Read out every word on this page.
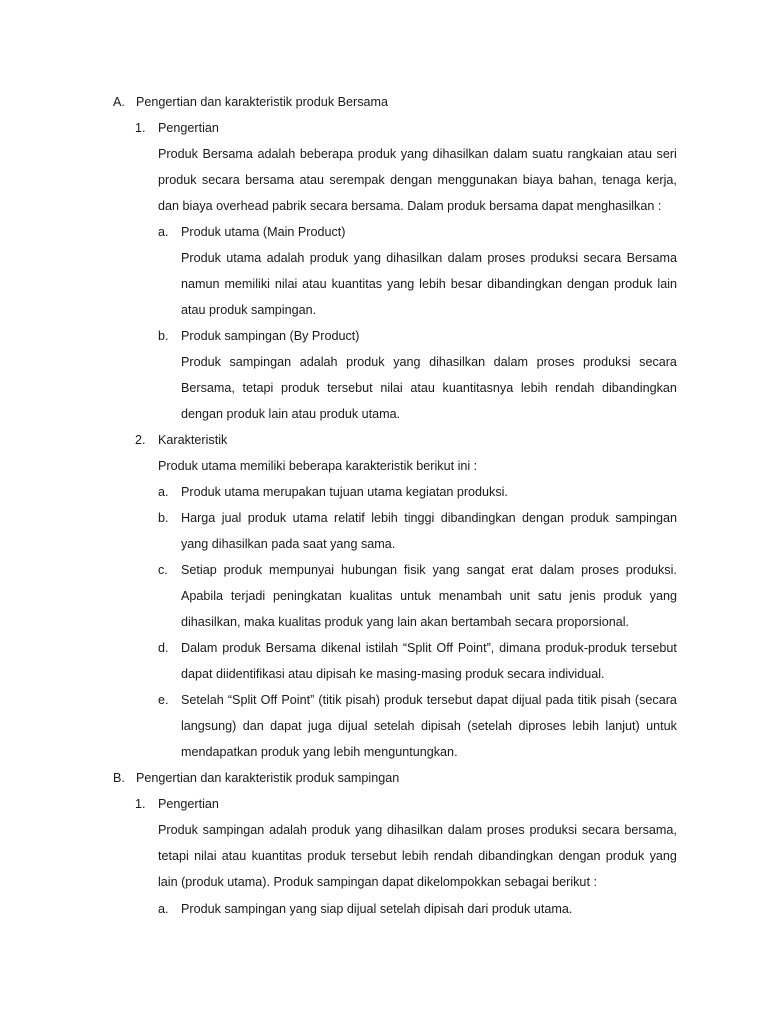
A. Pengertian dan karakteristik produk Bersama
1. Pengertian
Produk Bersama adalah beberapa produk yang dihasilkan dalam suatu rangkaian atau seri
produk secara bersama atau serempak dengan menggunakan biaya bahan, tenaga kerja,
dan biaya overhead pabrik secara bersama. Dalam produk bersama dapat menghasilkan :
a. Produk utama (Main Product)
Produk utama adalah produk yang dihasilkan dalam proses produksi secara Bersama
namun memiliki nilai atau kuantitas yang lebih besar dibandingkan dengan produk lain
atau produk sampingan.
b. Produk sampingan (By Product)
Produk sampingan adalah produk yang dihasilkan dalam proses produksi secara
Bersama, tetapi produk tersebut nilai atau kuantitasnya lebih rendah dibandingkan
dengan produk lain atau produk utama.
2. Karakteristik
Produk utama memiliki beberapa karakteristik berikut ini :
a. Produk utama merupakan tujuan utama kegiatan produksi.
b. Harga jual produk utama relatif lebih tinggi dibandingkan dengan produk sampingan
yang dihasilkan pada saat yang sama.
c. Setiap produk mempunyai hubungan fisik yang sangat erat dalam proses produksi.
Apabila terjadi peningkatan kualitas untuk menambah unit satu jenis produk yang
dihasilkan, maka kualitas produk yang lain akan bertambah secara proporsional.
d. Dalam produk Bersama dikenal istilah “Split Off Point”, dimana produk-produk tersebut
dapat diidentifikasi atau dipisah ke masing-masing produk secara individual.
e. Setelah “Split Off Point” (titik pisah) produk tersebut dapat dijual pada titik pisah (secara
langsung) dan dapat juga dijual setelah dipisah (setelah diproses lebih lanjut) untuk
mendapatkan produk yang lebih menguntungkan.
B. Pengertian dan karakteristik produk sampingan
1. Pengertian
Produk sampingan adalah produk yang dihasilkan dalam proses produksi secara bersama,
tetapi nilai atau kuantitas produk tersebut lebih rendah dibandingkan dengan produk yang
lain (produk utama). Produk sampingan dapat dikelompokkan sebagai berikut :
a. Produk sampingan yang siap dijual setelah dipisah dari produk utama.
